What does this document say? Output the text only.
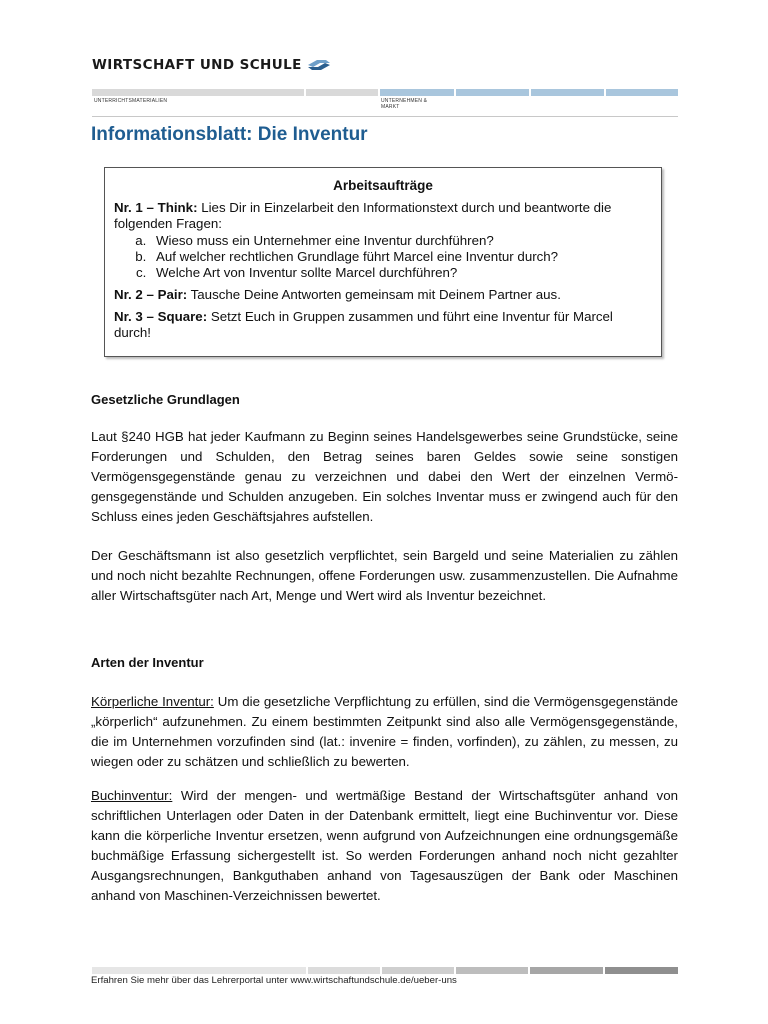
WIRTSCHAFT UND SCHULE
UNTERRICHTSMATERIALIEN	UNTERNEHMEN & MARKT
Informationsblatt: Die Inventur
Arbeitsaufträge

Nr. 1 – Think: Lies Dir in Einzelarbeit den Informationstext durch und beantworte die folgenden Fragen:

a. Wieso muss ein Unternehmer eine Inventur durchführen?
b. Auf welcher rechtlichen Grundlage führt Marcel eine Inventur durch?
c. Welche Art von Inventur sollte Marcel durchführen?

Nr. 2 – Pair: Tausche Deine Antworten gemeinsam mit Deinem Partner aus.

Nr. 3 – Square: Setzt Euch in Gruppen zusammen und führt eine Inventur für Marcel durch!

Gesetzliche Grundlagen

Laut §240 HGB hat jeder Kaufmann zu Beginn seines Handelsgewerbes seine Grundstücke, seine Forderungen und Schulden, den Betrag seines baren Geldes sowie seine sonstigen Vermögensgegenstände genau zu verzeichnen und dabei den Wert der einzelnen Vermögensgegenstände und Schulden anzugeben. Ein solches Inventar muss er zwingend auch für den Schluss eines jeden Geschäftsjahres aufstellen.

Der Geschäftsmann ist also gesetzlich verpflichtet, sein Bargeld und seine Materialien zu zählen und noch nicht bezahlte Rechnungen, offene Forderungen usw. zusammenzustellen. Die Aufnahme aller Wirtschaftsgüter nach Art, Menge und Wert wird als Inventur bezeichnet.

Arten der Inventur

Körperliche Inventur: Um die gesetzliche Verpflichtung zu erfüllen, sind die Vermögensgegenstände „körperlich“ aufzunehmen. Zu einem bestimmten Zeitpunkt sind also alle Vermögensgegenstände, die im Unternehmen vorzufinden sind (lat.: invenire = finden, vorfinden), zu zählen, zu messen, zu wiegen oder zu schätzen und schließlich zu bewerten.

Buchinventur: Wird der mengen- und wertmäßige Bestand der Wirtschaftsgüter anhand von schriftlichen Unterlagen oder Daten in der Datenbank ermittelt, liegt eine Buchinventur vor. Diese kann die körperliche Inventur ersetzen, wenn aufgrund von Aufzeichnungen eine ordnungsgemäße buchmäßige Erfassung sichergestellt ist. So werden Forderungen anhand noch nicht gezahlter Ausgangsrechnungen, Bankguthaben anhand von Tagesauszügen der Bank oder Maschinen anhand von Maschinen-Verzeichnissen bewertet.

Erfahren Sie mehr über das Lehrerportal unter www.wirtschaftundschule.de/ueber-uns
